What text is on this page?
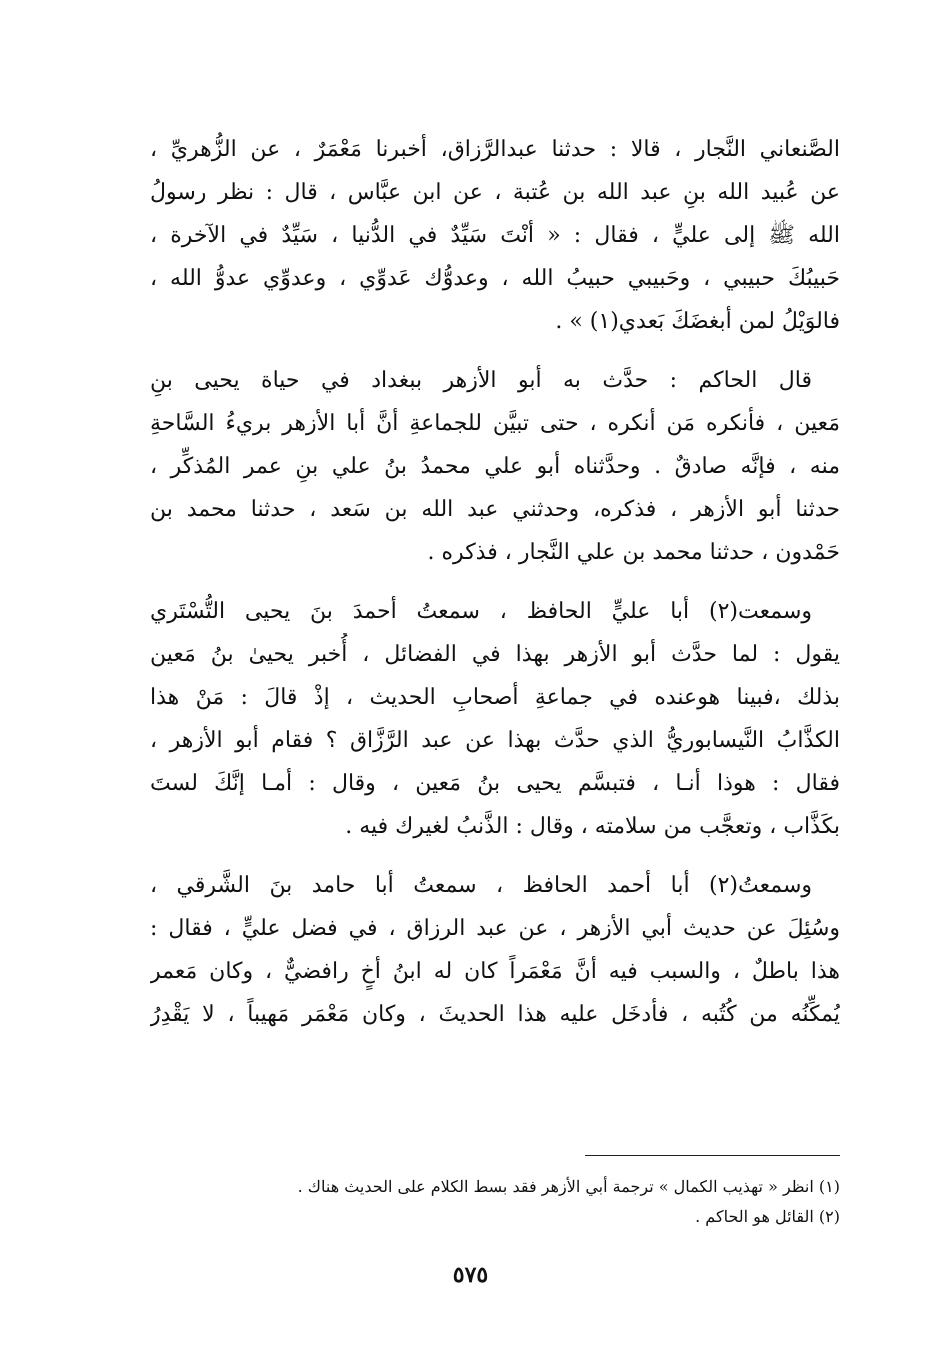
الصَّنعاني النَّجار ، قالا : حدثنا عبدالرَّزاق، أخبرنا مَعْمَرٌ ، عن الزُّهريِّ ،
عن عُبيد الله بنِ عبد الله بن عُتبة ، عن ابن عبَّاس ، قال : نظر رسولُ
الله ﷺ إلى عليٍّ ، فقال : « أنْتَ سَيِّدٌ في الدُّنيا ، سَيِّدٌ في الآخرة ،
حَبيبُكَ حبيبي ، وحَبيبي حبيبُ الله ، وعدوُّك عَدوِّي ، وعدوِّي عدوُّ الله ،
فالوَيْلُ لمن أبغضَكَ بَعدي(١) » .
قال الحاكم : حدَّث به أبو الأزهر ببغداد في حياة يحيى بنِ
مَعين ، فأنكره مَن أنكره ، حتى تبيَّن للجماعةِ أنَّ أبا الأزهر بريءُ السَّاحةِ
منه ، فإنَّه صادقٌ . وحدَّثناه أبو علي محمدُ بنُ علي بنِ عمر المُذكِّر ،
حدثنا أبو الأزهر ، فذكره، وحدثني عبد الله بن سَعد ، حدثنا محمد بن
حَمْدون ، حدثنا محمد بن علي النَّجار ، فذكره .
وسمعت(٢) أبا عليٍّ الحافظ ، سمعتُ أحمدَ بنَ يحيى التُّسْتَري
يقول : لما حدَّث أبو الأزهر بهذا في الفضائل ، أُخبر يحيىٰ بنُ مَعين
بذلك ،فبينا هوعنده في جماعةِ أصحابِ الحديث ، إذْ قالَ : مَنْ هذا
الكذَّابُ النَّيسابوريُّ الذي حدَّث بهذا عن عبد الرَّزَّاق ؟ فقام أبو الأزهر ،
فقال : هوذا أنـا ، فتبسَّم يحيى بنُ مَعين ، وقال : أمـا إنَّكَ لستَ
بكَذَّاب ، وتعجَّب من سلامته ، وقال : الذَّنبُ لغيرك فيه .
وسمعتُ(٢) أبا أحمد الحافظ ، سمعتُ أبا حامد بنَ الشَّرقي ،
وسُئِلَ عن حديث أبي الأزهر ، عن عبد الرزاق ، في فضل عليٍّ ، فقال :
هذا باطلٌ ، والسبب فيه أنَّ مَعْمَراً كان له ابنُ أخٍ رافضيٌّ ، وكان مَعمر
يُمكِّنُه من كُتُبه ، فأدخَل عليه هذا الحديثَ ، وكان مَعْمَر مَهيباً ، لا يَقْدِرُ
(١) انظر « تهذيب الكمال » ترجمة أبي الأزهر فقد بسط الكلام على الحديث هناك .
(٢) القائل هو الحاكم .
٥٧٥
